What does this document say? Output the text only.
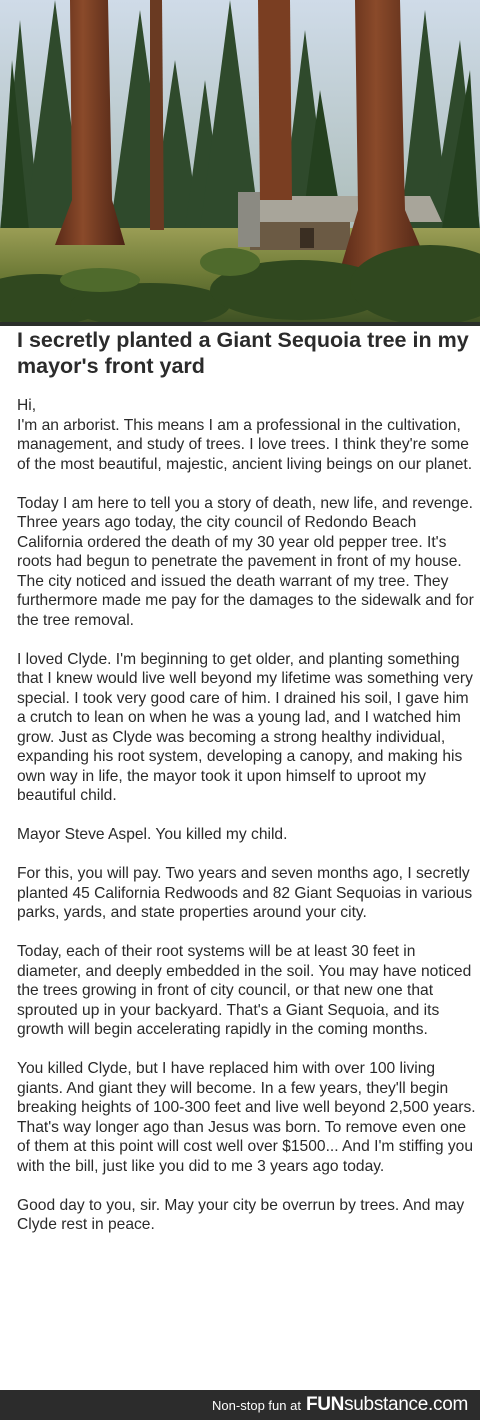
I secretly planted a Giant Sequoia tree in my mayor's front yard

Hi,
I'm an arborist. This means I am a professional in the cultivation, management, and study of trees. I love trees. I think they're some of the most beautiful, majestic, ancient living beings on our planet.

Today I am here to tell you a story of death, new life, and revenge. Three years ago today, the city council of Redondo Beach California ordered the death of my 30 year old pepper tree. It's roots had begun to penetrate the pavement in front of my house. The city noticed and issued the death warrant of my tree. They furthermore made me pay for the damages to the sidewalk and for the tree removal.

I loved Clyde. I'm beginning to get older, and planting something that I knew would live well beyond my lifetime was something very special. I took very good care of him. I drained his soil, I gave him a crutch to lean on when he was a young lad, and I watched him grow. Just as Clyde was becoming a strong healthy individual, expanding his root system, developing a canopy, and making his own way in life, the mayor took it upon himself to uproot my beautiful child.

Mayor Steve Aspel. You killed my child.

For this, you will pay. Two years and seven months ago, I secretly planted 45 California Redwoods and 82 Giant Sequoias in various parks, yards, and state properties around your city.

Today, each of their root systems will be at least 30 feet in diameter, and deeply embedded in the soil. You may have noticed the trees growing in front of city council, or that new one that sprouted up in your backyard. That's a Giant Sequoia, and its growth will begin accelerating rapidly in the coming months.

You killed Clyde, but I have replaced him with over 100 living giants. And giant they will become. In a few years, they'll begin breaking heights of 100-300 feet and live well beyond 2,500 years. That's way longer ago than Jesus was born. To remove even one of them at this point will cost well over $1500... And I'm stiffing you with the bill, just like you did to me 3 years ago today.

Good day to you, sir. May your city be overrun by trees. And may Clyde rest in peace.

Non-stop fun at FUNsubstance.com
